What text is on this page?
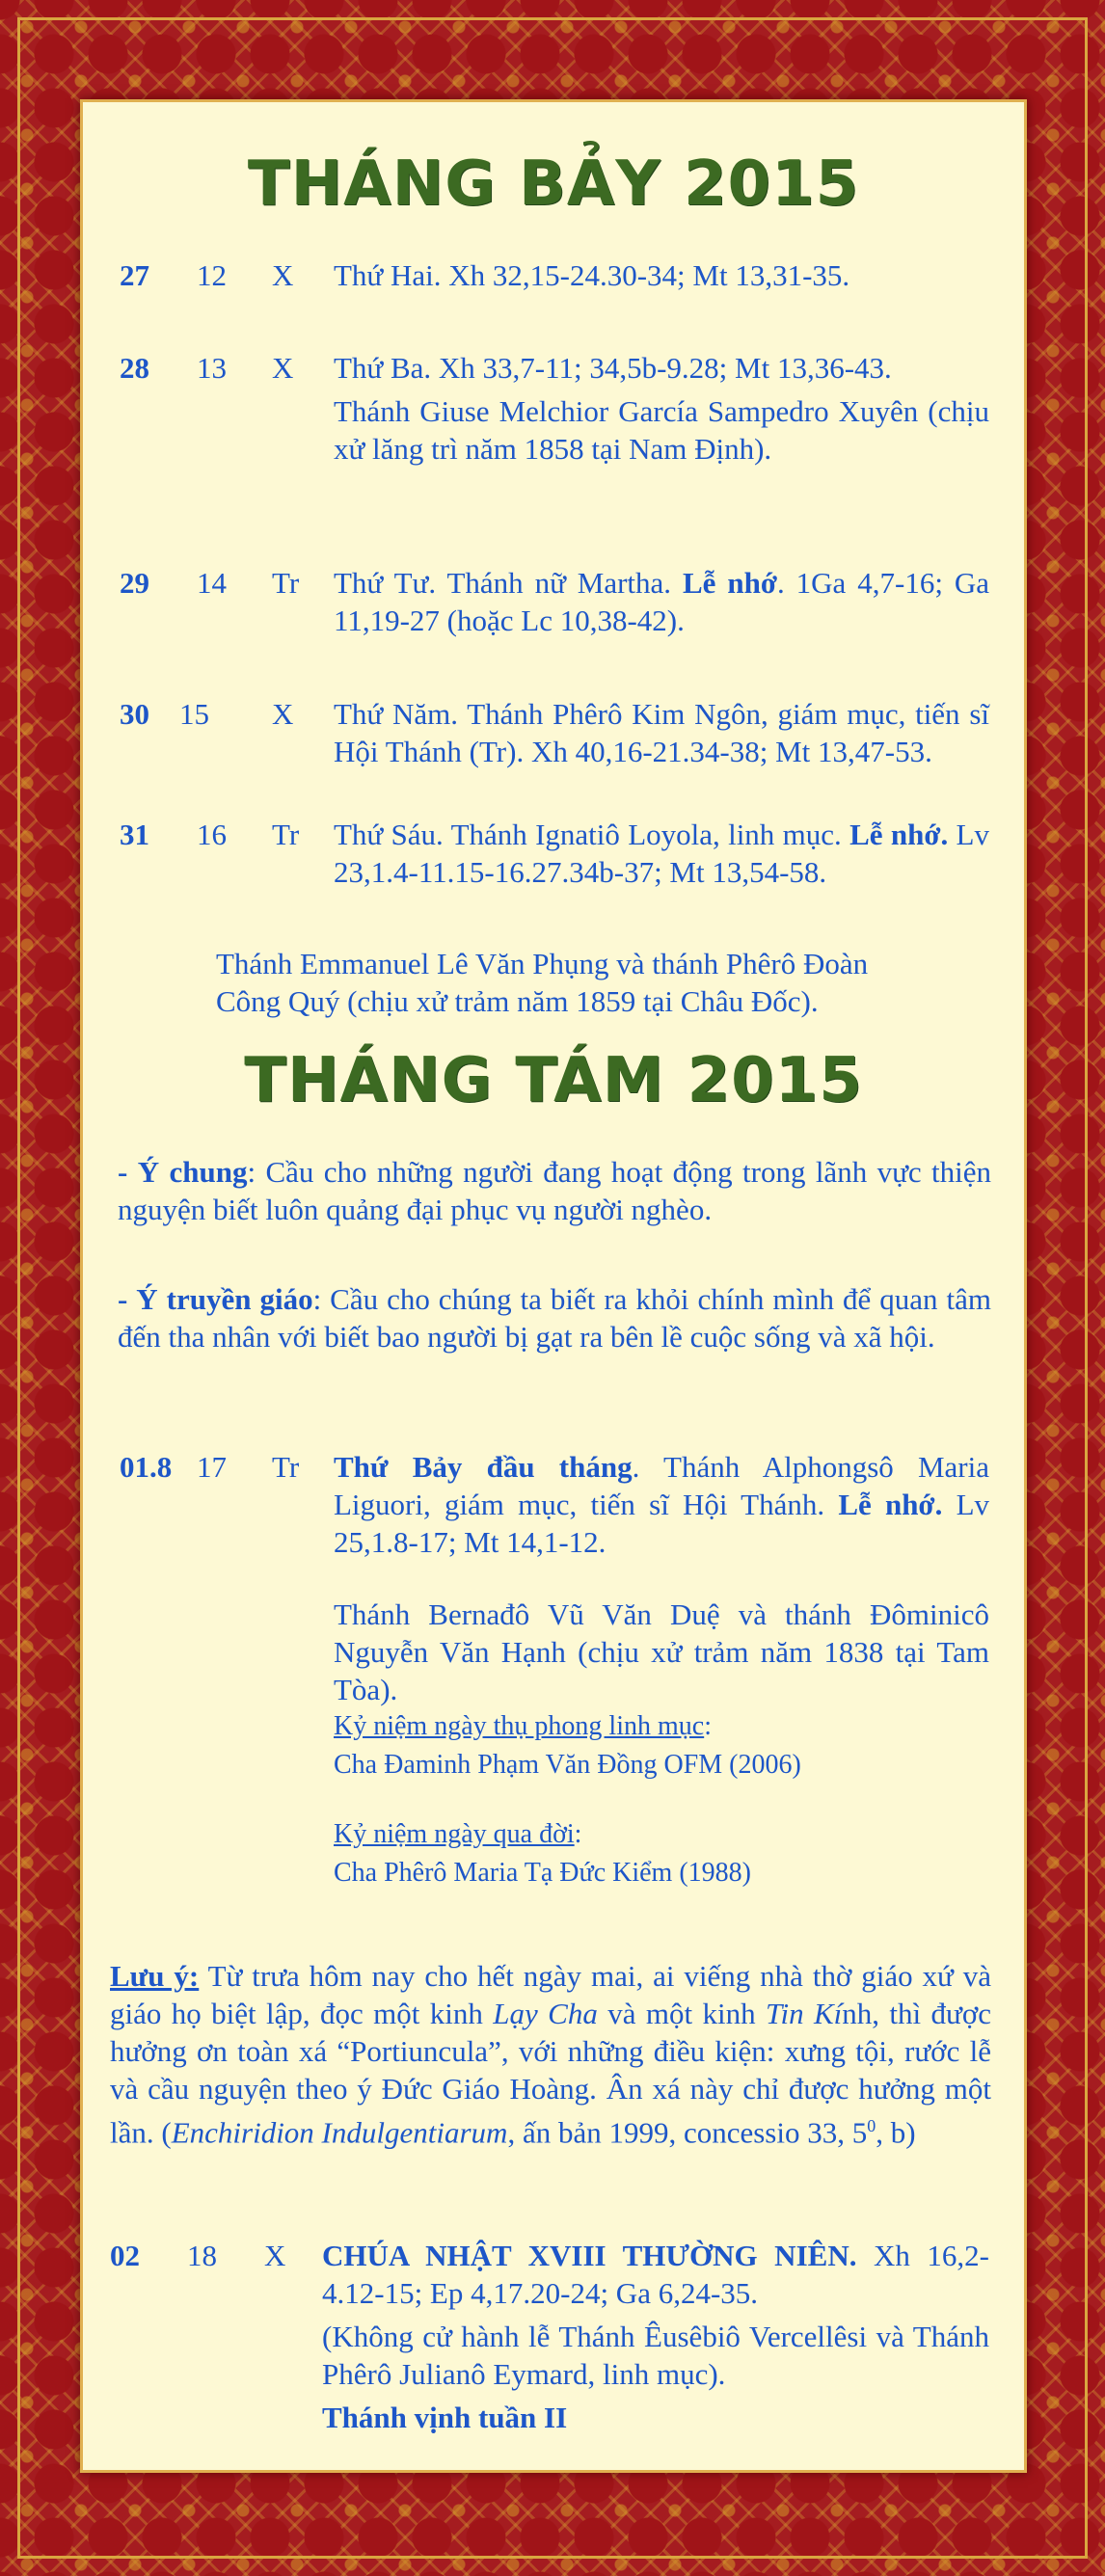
THÁNG BẢY 2015
27 12 X Thứ Hai. Xh 32,15-24.30-34; Mt 13,31-35.

28 13 X Thứ Ba. Xh 33,7-11; 34,5b-9.28; Mt 13,36-43.

Thánh Giuse Melchior García Sampedro Xuyên (chịu xử lăng trì năm 1858 tại Nam Định).

29 14 Tr Thứ Tư. Thánh nữ Martha. Lễ nhớ. 1Ga 4,7-16; Ga 11,19-27 (hoặc Lc 10,38-42).

30 15 X Thứ Năm. Thánh Phêrô Kim Ngôn, giám mục, tiến sĩ Hội Thánh (Tr). Xh 40,16-21.34-38; Mt 13,47-53.

31 16 Tr Thứ Sáu. Thánh Ignatiô Loyola, linh mục. Lễ nhớ. Lv 23,1.4-11.15-16.27.34b-37; Mt 13,54-58.

Thánh Emmanuel Lê Văn Phụng và thánh Phêrô Đoàn Công Quý (chịu xử trảm năm 1859 tại Châu Đốc).
THÁNG TÁM 2015

- Ý chung: Cầu cho những người đang hoạt động trong lãnh vực thiện nguyện biết luôn quảng đại phục vụ người nghèo.

- Ý truyền giáo: Cầu cho chúng ta biết ra khỏi chính mình để quan tâm đến tha nhân với biết bao người bị gạt ra bên lề cuộc sống và xã hội.

01.8 17 Tr Thứ Bảy đầu tháng. Thánh Alphongsô Maria Liguori, giám mục, tiến sĩ Hội Thánh. Lễ nhớ. Lv 25,1.8-17; Mt 14,1-12.

Thánh Bernađô Vũ Văn Duệ và thánh Đôminicô Nguyễn Văn Hạnh (chịu xử trảm năm 1838 tại Tam Tòa).

Kỷ niệm ngày thụ phong linh mục:

Cha Đaminh Phạm Văn Đồng OFM (2006)

Kỷ niệm ngày qua đời:

Cha Phêrô Maria Tạ Đức Kiểm (1988)

Lưu ý: Từ trưa hôm nay cho hết ngày mai, ai viếng nhà thờ giáo xứ và giáo họ biệt lập, đọc một kinh Lạy Cha và một kinh Tin Kính, thì được hưởng ơn toàn xá “Portiuncula”, với những điều kiện: xưng tội, rước lễ và cầu nguyện theo ý Đức Giáo Hoàng. Ân xá này chỉ được hưởng một lần. (Enchiridion Indulgentiarum, ấn bản 1999, concessio 33, $5^0$, b)

02 18 X CHÚA NHẬT XVIII THƯỜNG NIÊN. Xh 16,2-4.12-15; Ep 4,17.20-24; Ga 6,24-35.

(Không cử hành lễ Thánh Êusêbiô Vercellêsi và Thánh Phêrô Julianô Eymard, linh mục).

Thánh vịnh tuần II
